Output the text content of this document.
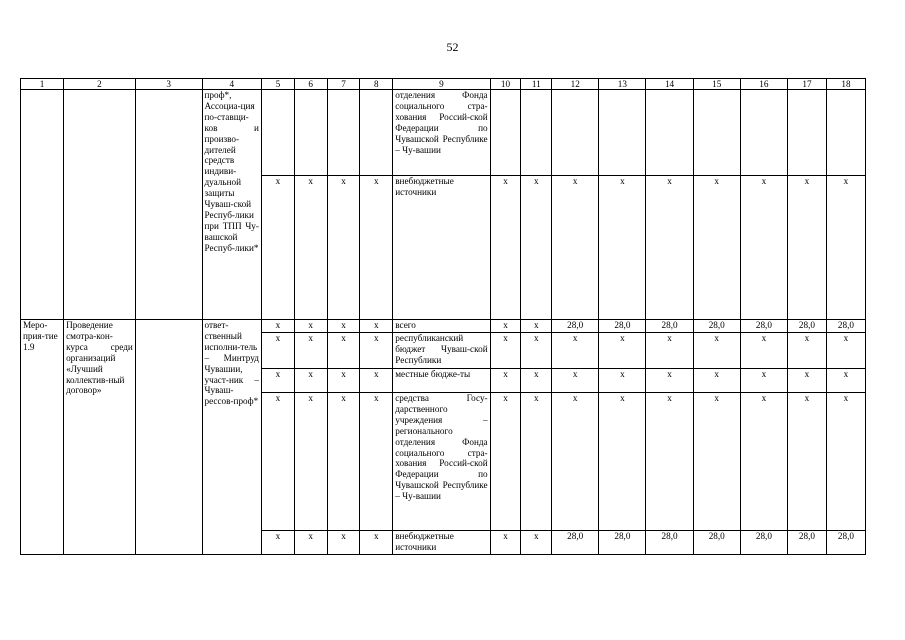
52
1	2	3	4	5	6	7	8	9	10	11	12	13	14	15	16	17	18
			проф*, Ассоциа-ция по-ставщи-ков и произво-дителей средств индиви-дуальной защиты Чуваш-ской Респуб-лики при ТПП Чу-вашской Респуб-лики*					отделения Фонда социального стра-хования Россий-ской Федерации по Чувашской Республике – Чу-вашии									
				х	х	х	х	внебюджетные источники	х	х	х	х	х	х	х	х	х
Меро-прия-тие 1.9	Проведение смотра-кон-курса среди организаций «Лучший коллектив-ный договор»		ответ-ственный исполни-тель – Минтруд Чувашии, участ-ник – Чуваш-рессов-проф*	х	х	х	х	всего	х	х	28,0	28,0	28,0	28,0	28,0	28,0	28,0
				х	х	х	х	республиканский бюджет Чуваш-ской Республики	х	х	х	х	х	х	х	х	х
				х	х	х	х	местные бюдже-ты	х	х	х	х	х	х	х	х	х
				х	х	х	х	средства Госу-дарственного учреждения – регионального отделения Фонда социального стра-хования Россий-ской Федерации по Чувашской Республике – Чу-вашии	х	х	х	х	х	х	х	х	х
				х	х	х	х	внебюджетные источники	х	х	28,0	28,0	28,0	28,0	28,0	28,0	28,0
